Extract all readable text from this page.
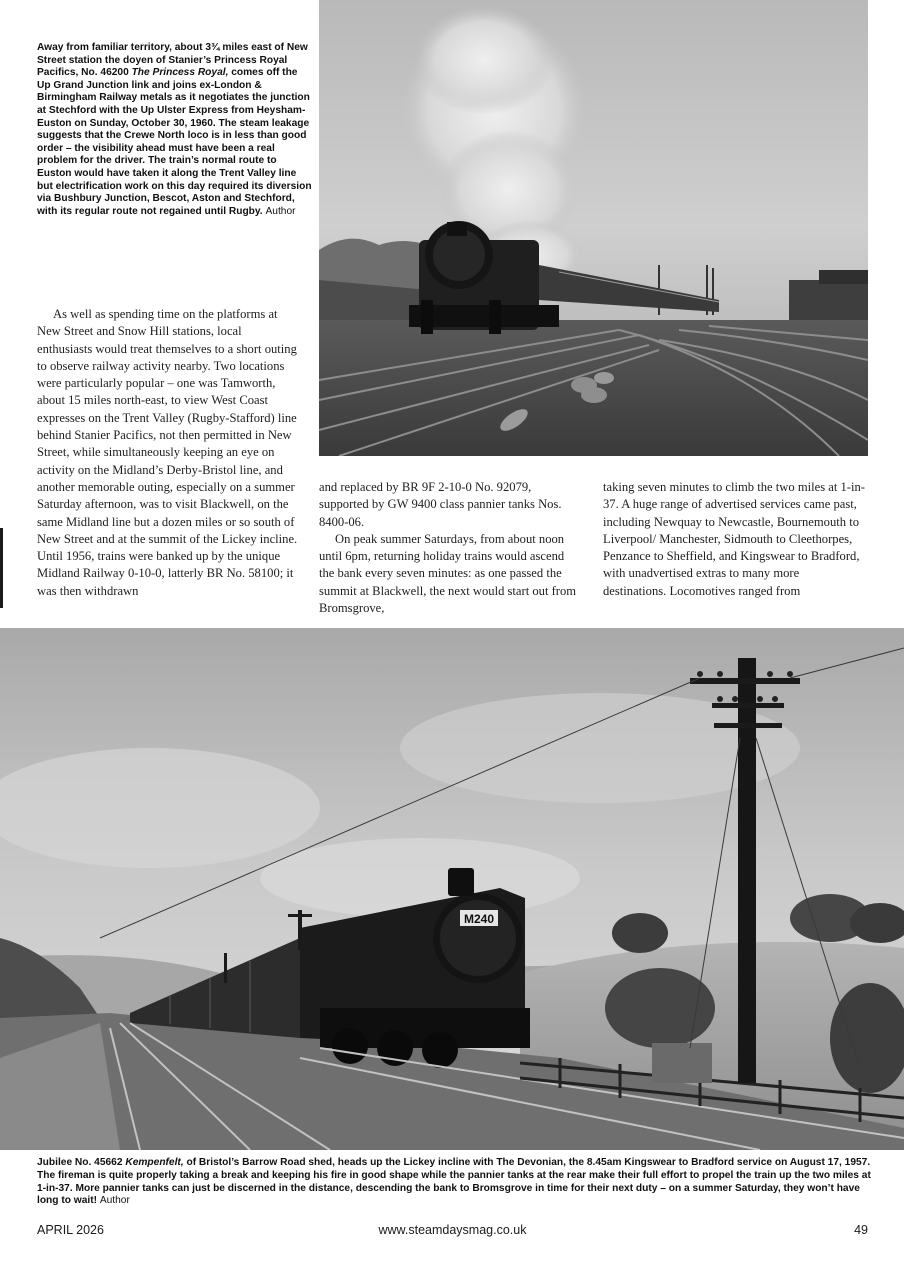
Away from familiar territory, about 3¾ miles east of New Street station the doyen of Stanier’s Princess Royal Pacifics, No. 46200 The Princess Royal, comes off the Up Grand Junction link and joins ex-London & Birmingham Railway metals as it negotiates the junction at Stechford with the Up Ulster Express from Heysham-Euston on Sunday, October 30, 1960. The steam leakage suggests that the Crewe North loco is in less than good order – the visibility ahead must have been a real problem for the driver. The train’s normal route to Euston would have taken it along the Trent Valley line but electrification work on this day required its diversion via Bushbury Junction, Bescot, Aston and Stechford, with its regular route not regained until Rugby. Author

As well as spending time on the platforms at New Street and Snow Hill stations, local enthusiasts would treat themselves to a short outing to observe railway activity nearby. Two locations were particularly popular – one was Tamworth, about 15 miles north-east, to view West Coast expresses on the Trent Valley (Rugby-Stafford) line behind Stanier Pacifics, not then permitted in New Street, while simultaneously keeping an eye on activity on the Midland’s Derby-Bristol line, and another memorable outing, especially on a summer Saturday afternoon, was to visit Blackwell, on the same Midland line but a dozen miles or so south of New Street and at the summit of the Lickey incline. Until 1956, trains were banked up by the unique Midland Railway 0-10-0, latterly BR No. 58100; it was then withdrawn

and replaced by BR 9F 2-10-0 No. 92079, supported by GW 9400 class pannier tanks Nos. 8400-06.

On peak summer Saturdays, from about noon until 6pm, returning holiday trains would ascend the bank every seven minutes: as one passed the summit at Blackwell, the next would start out from Bromsgrove,

taking seven minutes to climb the two miles at 1-in-37. A huge range of advertised services came past, including Newquay to Newcastle, Bournemouth to Liverpool/ Manchester, Sidmouth to Cleethorpes, Penzance to Sheffield, and Kingswear to Bradford, with unadvertised extras to many more destinations. Locomotives ranged from

M240
Jubilee No. 45662 Kempenfelt, of Bristol’s Barrow Road shed, heads up the Lickey incline with The Devonian, the 8.45am Kingswear to Bradford service on August 17, 1957. The fireman is quite properly taking a break and keeping his fire in good shape while the pannier tanks at the rear make their full effort to propel the train up the two miles at 1-in-37. More pannier tanks can just be discerned in the distance, descending the bank to Bromsgrove in time for their next duty – on a summer Saturday, they won’t have long to wait! Author
APRIL 2026	www.steamdaysmag.co.uk	49
